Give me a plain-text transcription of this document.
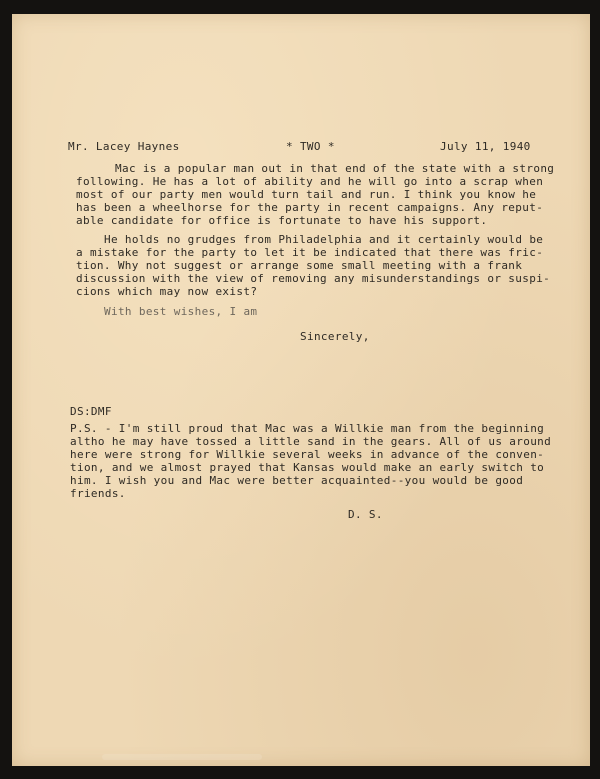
Mr. Lacey Haynes	* TWO *	July 11, 1940
Mac is a popular man out in that end of the state with a strong
following. He has a lot of ability and he will go into a scrap when
most of our party men would turn tail and run. I think you know he
has been a wheelhorse for the party in recent campaigns. Any reput-
able candidate for office is fortunate to have his support.
He holds no grudges from Philadelphia and it certainly would be
a mistake for the party to let it be indicated that there was fric-
tion. Why not suggest or arrange some small meeting with a frank
discussion with the view of removing any misunderstandings or suspi-
cions which may now exist?
With best wishes, I am
Sincerely,
DS:DMF
P.S. - I'm still proud that Mac was a Willkie man from the beginning
altho he may have tossed a little sand in the gears. All of us around
here were strong for Willkie several weeks in advance of the conven-
tion, and we almost prayed that Kansas would make an early switch to
him. I wish you and Mac were better acquainted--you would be good
friends.
D. S.
